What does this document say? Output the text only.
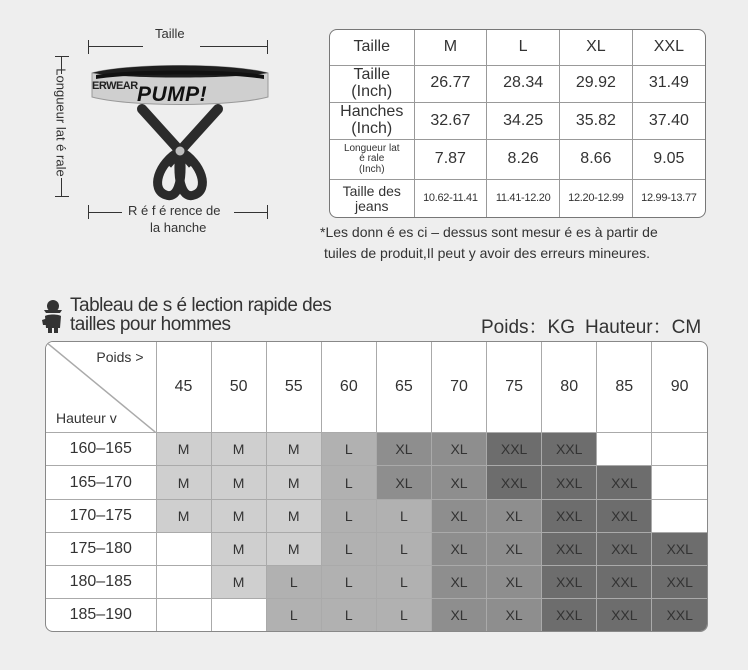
Taille
Longueur lat é rale ERWEAR PUMP!
R é f é rence de
la hanche
Taille	M	L	XL	XXL
Taille
(Inch)	26.77	28.34	29.92	31.49
Hanches
(Inch)	32.67	34.25	35.82	37.40
Longueur lat
é rale
(Inch)	7.87	8.26	8.66	9.05
Taille des
jeans	10.62-11.41	11.41-12.20	12.20-12.99	12.99-13.77
*Les donn é es ci – dessus sont mesur é es à partir de
tuiles de produit,Il peut y avoir des erreurs mineures.
Tableau de s é lection rapide des
tailles pour hommes	Poids：KG Hauteur：CM
Poids >
Hauteur v	45	50	55	60	65	70	75	80	85	90
160–165	M	M	M	L	XL	XL	XXL	XXL		
165–170	M	M	M	L	XL	XL	XXL	XXL	XXL	
170–175	M	M	M	L	L	XL	XL	XXL	XXL	
175–180		M	M	L	L	XL	XL	XXL	XXL	XXL
180–185		M	L	L	L	XL	XL	XXL	XXL	XXL
185–190			L	L	L	XL	XL	XXL	XXL	XXL
